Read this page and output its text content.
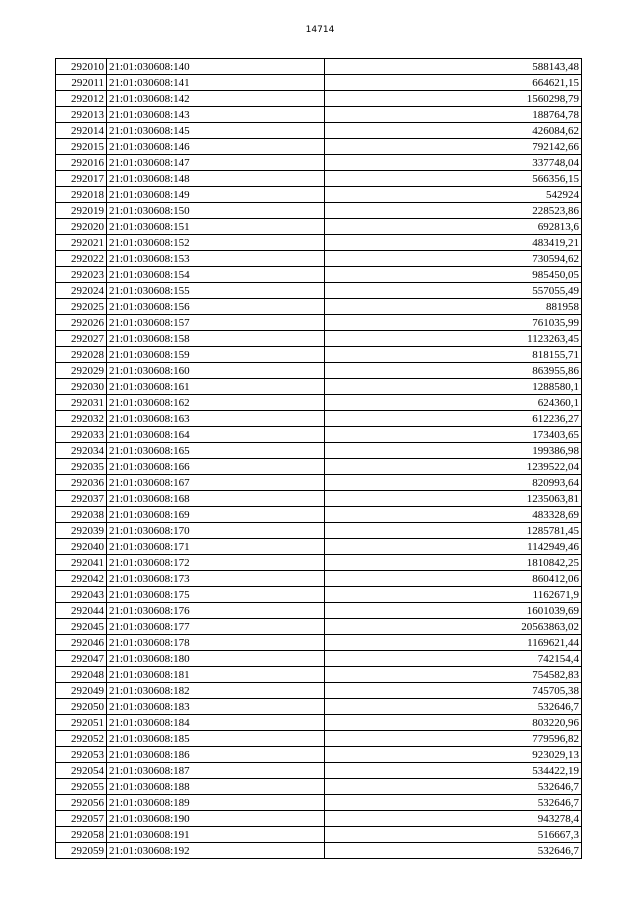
14714
292010	21:01:030608:140	588143,48
292011	21:01:030608:141	664621,15
292012	21:01:030608:142	1560298,79
292013	21:01:030608:143	188764,78
292014	21:01:030608:145	426084,62
292015	21:01:030608:146	792142,66
292016	21:01:030608:147	337748,04
292017	21:01:030608:148	566356,15
292018	21:01:030608:149	542924
292019	21:01:030608:150	228523,86
292020	21:01:030608:151	692813,6
292021	21:01:030608:152	483419,21
292022	21:01:030608:153	730594,62
292023	21:01:030608:154	985450,05
292024	21:01:030608:155	557055,49
292025	21:01:030608:156	881958
292026	21:01:030608:157	761035,99
292027	21:01:030608:158	1123263,45
292028	21:01:030608:159	818155,71
292029	21:01:030608:160	863955,86
292030	21:01:030608:161	1288580,1
292031	21:01:030608:162	624360,1
292032	21:01:030608:163	612236,27
292033	21:01:030608:164	173403,65
292034	21:01:030608:165	199386,98
292035	21:01:030608:166	1239522,04
292036	21:01:030608:167	820993,64
292037	21:01:030608:168	1235063,81
292038	21:01:030608:169	483328,69
292039	21:01:030608:170	1285781,45
292040	21:01:030608:171	1142949,46
292041	21:01:030608:172	1810842,25
292042	21:01:030608:173	860412,06
292043	21:01:030608:175	1162671,9
292044	21:01:030608:176	1601039,69
292045	21:01:030608:177	20563863,02
292046	21:01:030608:178	1169621,44
292047	21:01:030608:180	742154,4
292048	21:01:030608:181	754582,83
292049	21:01:030608:182	745705,38
292050	21:01:030608:183	532646,7
292051	21:01:030608:184	803220,96
292052	21:01:030608:185	779596,82
292053	21:01:030608:186	923029,13
292054	21:01:030608:187	534422,19
292055	21:01:030608:188	532646,7
292056	21:01:030608:189	532646,7
292057	21:01:030608:190	943278,4
292058	21:01:030608:191	516667,3
292059	21:01:030608:192	532646,7
